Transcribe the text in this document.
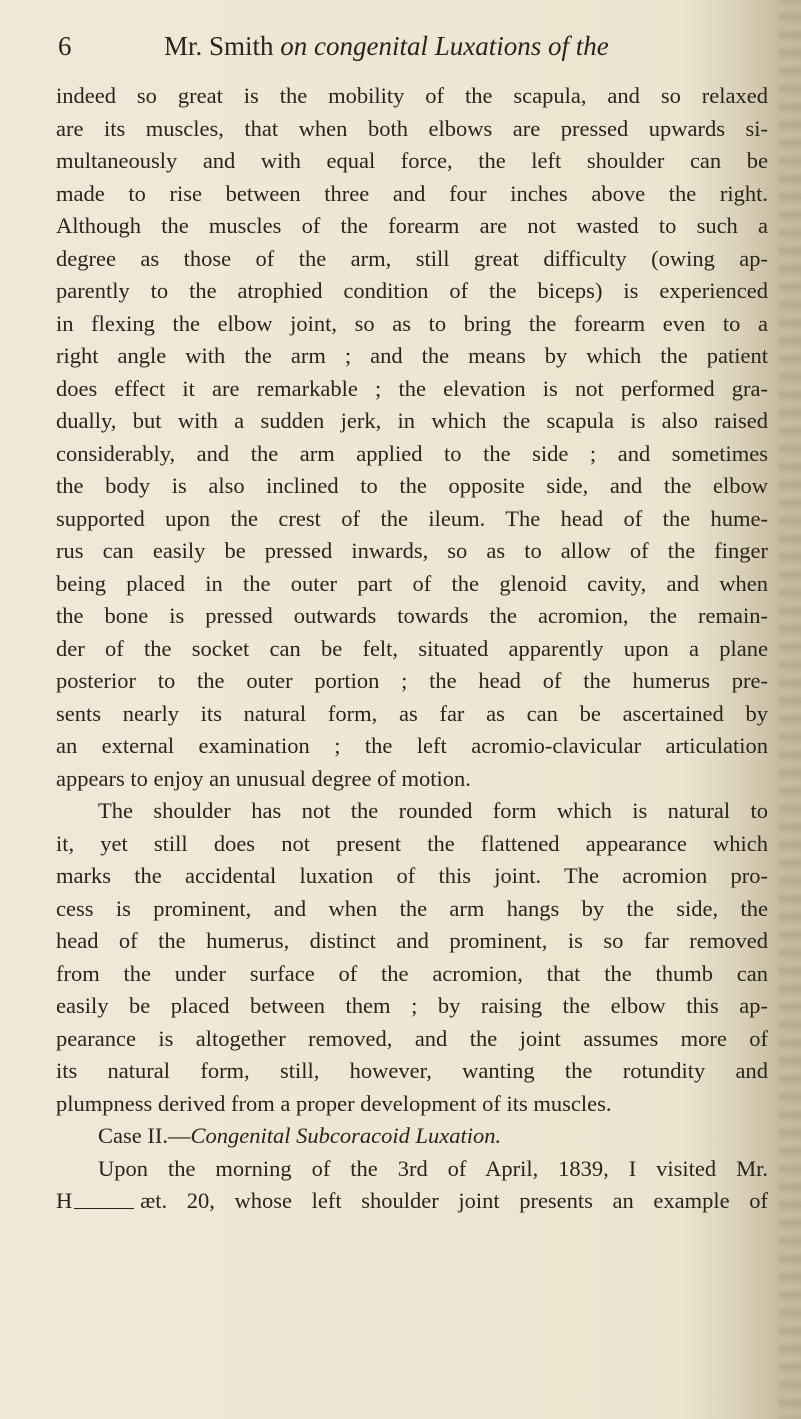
6	Mr. Smith on congenital Luxations of the
indeed so great is the mobility of the scapula, and so relaxed
are its muscles, that when both elbows are pressed upwards si-
multaneously and with equal force, the left shoulder can be
made to rise between three and four inches above the right.
Although the muscles of the forearm are not wasted to such a
degree as those of the arm, still great difficulty (owing ap-
parently to the atrophied condition of the biceps) is experienced
in flexing the elbow joint, so as to bring the forearm even to a
right angle with the arm ; and the means by which the patient
does effect it are remarkable ; the elevation is not performed gra-
dually, but with a sudden jerk, in which the scapula is also raised
considerably, and the arm applied to the side ; and sometimes
the body is also inclined to the opposite side, and the elbow
supported upon the crest of the ileum. The head of the hume-
rus can easily be pressed inwards, so as to allow of the finger
being placed in the outer part of the glenoid cavity, and when
the bone is pressed outwards towards the acromion, the remain-
der of the socket can be felt, situated apparently upon a plane
posterior to the outer portion ; the head of the humerus pre-
sents nearly its natural form, as far as can be ascertained by
an external examination ; the left acromio-clavicular articulation
appears to enjoy an unusual degree of motion.
The shoulder has not the rounded form which is natural to
it, yet still does not present the flattened appearance which
marks the accidental luxation of this joint. The acromion pro-
cess is prominent, and when the arm hangs by the side, the
head of the humerus, distinct and prominent, is so far removed
from the under surface of the acromion, that the thumb can
easily be placed between them ; by raising the elbow this ap-
pearance is altogether removed, and the joint assumes more of
its natural form, still, however, wanting the rotundity and
plumpness derived from a proper development of its muscles.
Case II.—Congenital Subcoracoid Luxation.
Upon the morning of the 3rd of April, 1839, I visited Mr.
H	æt. 20, whose left shoulder joint presents an example of
